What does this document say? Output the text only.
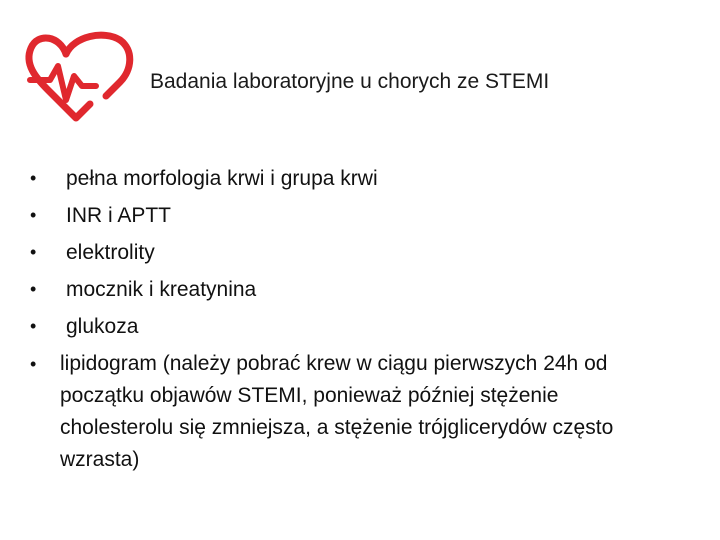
Badania laboratoryjne u chorych ze STEMI
•	pełna morfologia krwi i grupa krwi
•	INR i APTT
•	elektrolity
•	mocznik i kreatynina
•	glukoza
•	lipidogram (należy pobrać krew w ciągu pierwszych 24h od początku objawów STEMI, ponieważ później stężenie cholesterolu się zmniejsza, a stężenie trójglicerydów często wzrasta)
